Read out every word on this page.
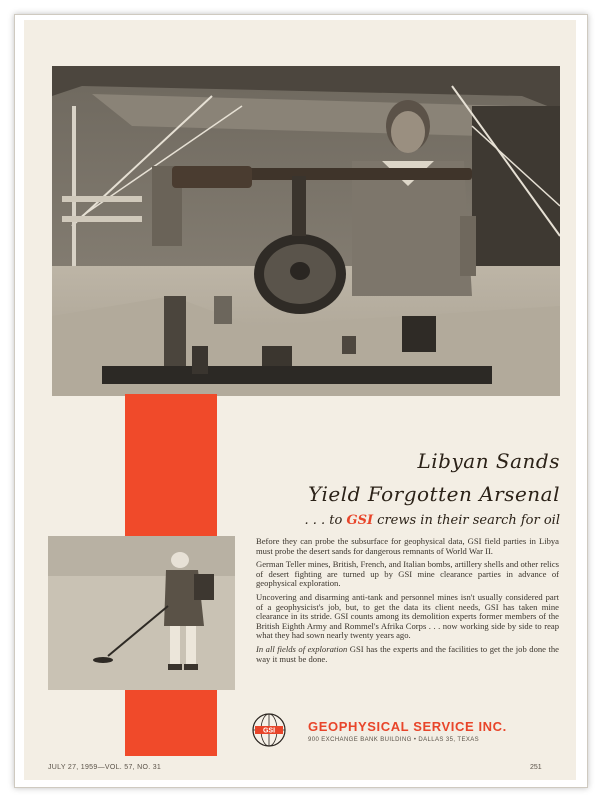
Libyan Sands
Yield Forgotten Arsenal
. . . to GSI crews in their search for oil

Before they can probe the subsurface for geophysical data, GSI field parties in Libya must probe the desert sands for dangerous remnants of World War II.

German Teller mines, British, French, and Italian bombs, artillery shells and other relics of desert fighting are turned up by GSI mine clearance parties in advance of geophysical exploration.

Uncovering and disarming anti-tank and personnel mines isn't usually considered part of a geophysicist's job, but, to get the data its client needs, GSI has taken mine clearance in its stride. GSI counts among its demolition experts former members of the British Eighth Army and Rommel's Afrika Corps . . . now working side by side to reap what they had sown nearly twenty years ago.

In all fields of exploration GSI has the experts and the facilities to get the job done the way it must be done.

GSI	GEOPHYSICAL SERVICE INC.
900 EXCHANGE BANK BUILDING • DALLAS 35, TEXAS
JULY 27, 1959—VOL. 57, NO. 31	251
